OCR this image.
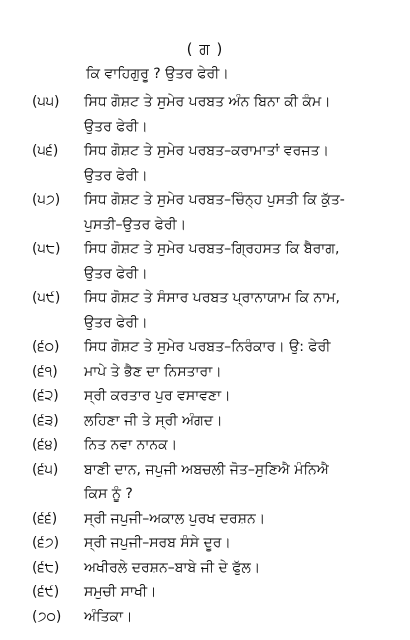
( ਗ )
ਕਿ ਵਾਹਿਗੁਰੂ ? ਉਤਰ ਫੇਰੀ।
(੫੫)	ਸਿਧ ਗੋਸ਼ਟ ਤੇ ਸੁਮੇਰ ਪਰਬਤ ਅੰਨ ਬਿਨਾ ਕੀ ਕੰਮ।
ਉਤਰ ਫੇਰੀ।
(੫੬)	ਸਿਧ ਗੋਸ਼ਟ ਤੇ ਸੁਮੇਰ ਪਰਬਤ–ਕਰਾਮਾਤਾਂ ਵਰਜਤ।
ਉਤਰ ਫੇਰੀ।
(੫੭)	ਸਿਧ ਗੋਸ਼ਟ ਤੇ ਸੁਮੇਰ ਪਰਬਤ–ਚਿੰਨ੍ਹ ਪੁਸਤੀ ਕਿ ਕੁੱਤ-
ਪੁਸਤੀ–ਉਤਰ ਫੇਰੀ।
(੫੮)	ਸਿਧ ਗੋਸ਼ਟ ਤੇ ਸੁਮੇਰ ਪਰਬਤ–ਗ੍ਰਿਹਸਤ ਕਿ ਬੈਰਾਗ,
ਉਤਰ ਫੇਰੀ।
(੫੯)	ਸਿਧ ਗੋਸ਼ਟ ਤੇ ਸੰਸਾਰ ਪਰਬਤ ਪ੍ਰਾਨਾਯਾਮ ਕਿ ਨਾਮ,
ਉਤਰ ਫੇਰੀ।
(੬੦)	ਸਿਧ ਗੋਸ਼ਟ ਤੇ ਸੁਮੇਰ ਪਰਬਤ–ਨਿਰੰਕਾਰ। ਉ: ਫੇਰੀ
(੬੧)	ਮਾਪੇ ਤੇ ਭੈਣ ਦਾ ਨਿਸਤਾਰਾ।
(੬੨)	ਸ੍ਰੀ ਕਰਤਾਰ ਪੁਰ ਵਸਾਵਣਾ।
(੬੩)	ਲਹਿਣਾ ਜੀ ਤੇ ਸ੍ਰੀ ਅੰਗਦ।
(੬੪)	ਨਿਤ ਨਵਾ ਨਾਨਕ।
(੬੫)	ਬਾਣੀ ਦਾਨ, ਜਪੁਜੀ ਅਬਚਲੀ ਜੋਤ–ਸੁਣਿਐ ਮੰਨਿਐ
ਕਿਸ ਨੂੰ ?
(੬੬)	ਸ੍ਰੀ ਜਪੁਜੀ–ਅਕਾਲ ਪੁਰਖ ਦਰਸ਼ਨ।
(੬੭)	ਸ੍ਰੀ ਜਪੁਜੀ–ਸਰਬ ਸੰਸੇ ਦੂਰ।
(੬੮)	ਅਖੀਰਲੇ ਦਰਸ਼ਨ–ਬਾਬੇ ਜੀ ਦੇ ਫੁੱਲ।
(੬੯)	ਸਮੁਚੀ ਸਾਖੀ।
(੭੦)	ਅੰਤਿਕਾ।
